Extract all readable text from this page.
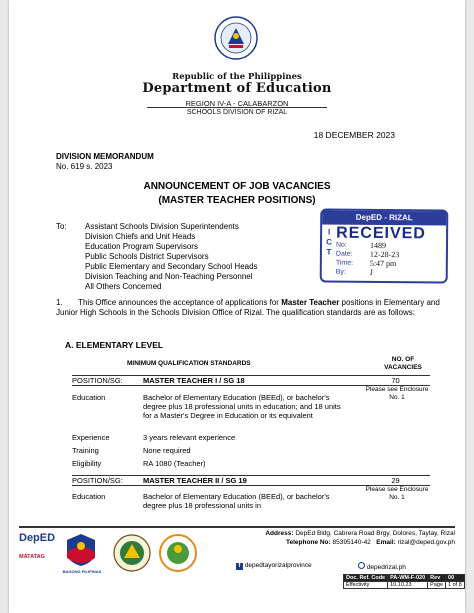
Republic of the Philippines
Department of Education
REGION IV-A - CALABARZON
SCHOOLS DIVISION OF RIZAL
18 DECEMBER 2023
DIVISION MEMORANDUM
No. 619 s. 2023
ANNOUNCEMENT OF JOB VACANCIES
(MASTER TEACHER POSITIONS)
To: Assistant Schools Division Superintendents
Division Chiefs and Unit Heads
Education Program Supervisors
Public Schools District Supervisors
Public Elementary and Secondary School Heads
Division Teaching and Non-Teaching Personnel
All Others Concerned
DepED - RIZAL
RECEIVED
I C T
No:	1489
Date: 12-28-23
Time: 5:47 pm
By:	J
1. This Office announces the acceptance of applications for Master Teacher positions in Elementary and Junior High Schools in the Schools Division Office of Rizal. The qualification standards are as follows:
A. ELEMENTARY LEVEL
MINIMUM QUALIFICATION STANDARDS
NO. OF VACANCIES
POSITION/SG:	MASTER TEACHER I / SG 18	70
Please see Enclosure No. 1
Education	Bachelor of Elementary Education (BEEd), or bachelor's degree plus 18 professional units in education; and 18 units for a Master's Degree in Education or its equivalent
Experience	3 years relevant experience
Training	None required
Eligibility	RA 1080 (Teacher)
POSITION/SG:	MASTER TEACHER II / SG 19	29
Please see Enclosure No. 1
Education	Bachelor of Elementary Education (BEEd), or bachelor's degree plus 18 professional units in
DepED
MATATAG
BAGONG PILIPINAS
Address: DepEd Bldg. Cabrera Road Brgy. Dolores, Taytay, Rizal
Telephone No: 85395140-42 Email: rizal@deped.gov.ph
f depedtayorizalprovince	depedrizal.ph
Doc. Ref. Code	PA-WM-F-020	Rev	00
Effectivity	10.10.23	Page	1 of 8
